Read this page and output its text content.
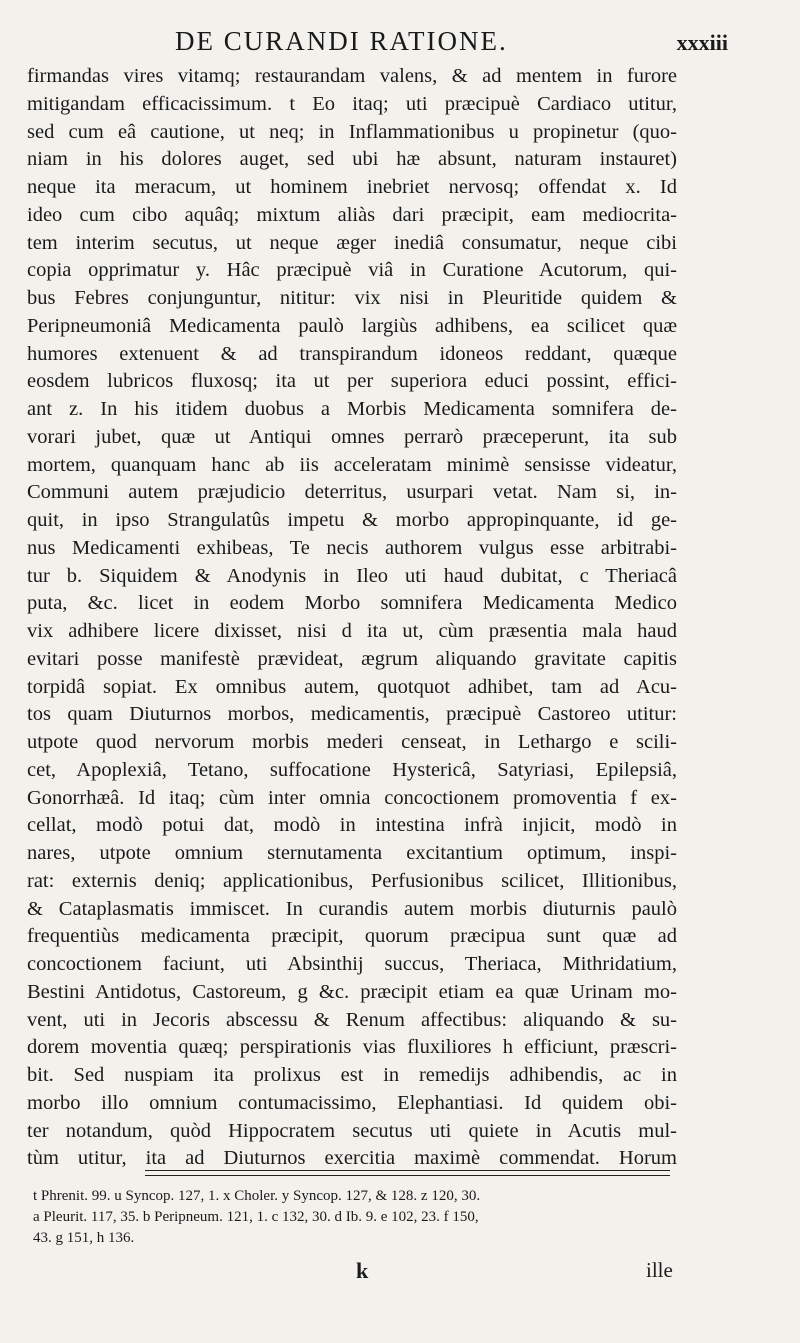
DE CURANDI RATIONE.	xxxiii
firmandas vires vitamq; restaurandam valens, & ad mentem in furore
mitigandam efficacissimum. t Eo itaq; uti præcipuè Cardiaco utitur,
sed cum eâ cautione, ut neq; in Inflammationibus u propinetur (quo-
niam in his dolores auget, sed ubi hæ absunt, naturam instauret)
neque ita meracum, ut hominem inebriet nervosq; offendat x. Id
ideo cum cibo aquâq; mixtum aliàs dari præcipit, eam mediocrita-
tem interim secutus, ut neque æger inediâ consumatur, neque cibi
copia opprimatur y. Hâc præcipuè viâ in Curatione Acutorum, qui-
bus Febres conjunguntur, nititur: vix nisi in Pleuritide quidem &
Peripneumoniâ Medicamenta paulò largiùs adhibens, ea scilicet quæ
humores extenuent & ad transpirandum idoneos reddant, quæque
eosdem lubricos fluxosq; ita ut per superiora educi possint, effici-
ant z. In his itidem duobus a Morbis Medicamenta somnifera de-
vorari jubet, quæ ut Antiqui omnes perrarò præceperunt, ita sub
mortem, quanquam hanc ab iis acceleratam minimè sensisse videatur,
Communi autem præjudicio deterritus, usurpari vetat. Nam si, in-
quit, in ipso Strangulatûs impetu & morbo appropinquante, id ge-
nus Medicamenti exhibeas, Te necis authorem vulgus esse arbitrabi-
tur b. Siquidem & Anodynis in Ileo uti haud dubitat, c Theriacâ
puta, &c. licet in eodem Morbo somnifera Medicamenta Medico
vix adhibere licere dixisset, nisi d ita ut, cùm præsentia mala haud
evitari posse manifestè prævideat, ægrum aliquando gravitate capitis
torpidâ sopiat. Ex omnibus autem, quotquot adhibet, tam ad Acu-
tos quam Diuturnos morbos, medicamentis, præcipuè Castoreo utitur:
utpote quod nervorum morbis mederi censeat, in Lethargo e scili-
cet, Apoplexiâ, Tetano, suffocatione Hystericâ, Satyriasi, Epilepsiâ,
Gonorrhæâ. Id itaq; cùm inter omnia concoctionem promoventia f ex-
cellat, modò potui dat, modò in intestina infrà injicit, modò in
nares, utpote omnium sternutamenta excitantium optimum, inspi-
rat: externis deniq; applicationibus, Perfusionibus scilicet, Illitionibus,
& Cataplasmatis immiscet. In curandis autem morbis diuturnis paulò
frequentiùs medicamenta præcipit, quorum præcipua sunt quæ ad
concoctionem faciunt, uti Absinthij succus, Theriaca, Mithridatium,
Bestini Antidotus, Castoreum, g &c. præcipit etiam ea quæ Urinam mo-
vent, uti in Jecoris abscessu & Renum affectibus: aliquando & su-
dorem moventia quæq; perspirationis vias fluxiliores h efficiunt, præscri-
bit. Sed nuspiam ita prolixus est in remedijs adhibendis, ac in
morbo illo omnium contumacissimo, Elephantiasi. Id quidem obi-
ter notandum, quòd Hippocratem secutus uti quiete in Acutis mul-
tùm utitur, ita ad Diuturnos exercitia maximè commendat. Horum
t Phrenit. 99. u Syncop. 127, 1. x Choler. y Syncop. 127, & 128. z 120, 30.
a Pleurit. 117, 35. b Peripneum. 121, 1. c 132, 30. d Ib. 9. e 102, 23. f 150,
43. g 151, h 136.
k	ille
